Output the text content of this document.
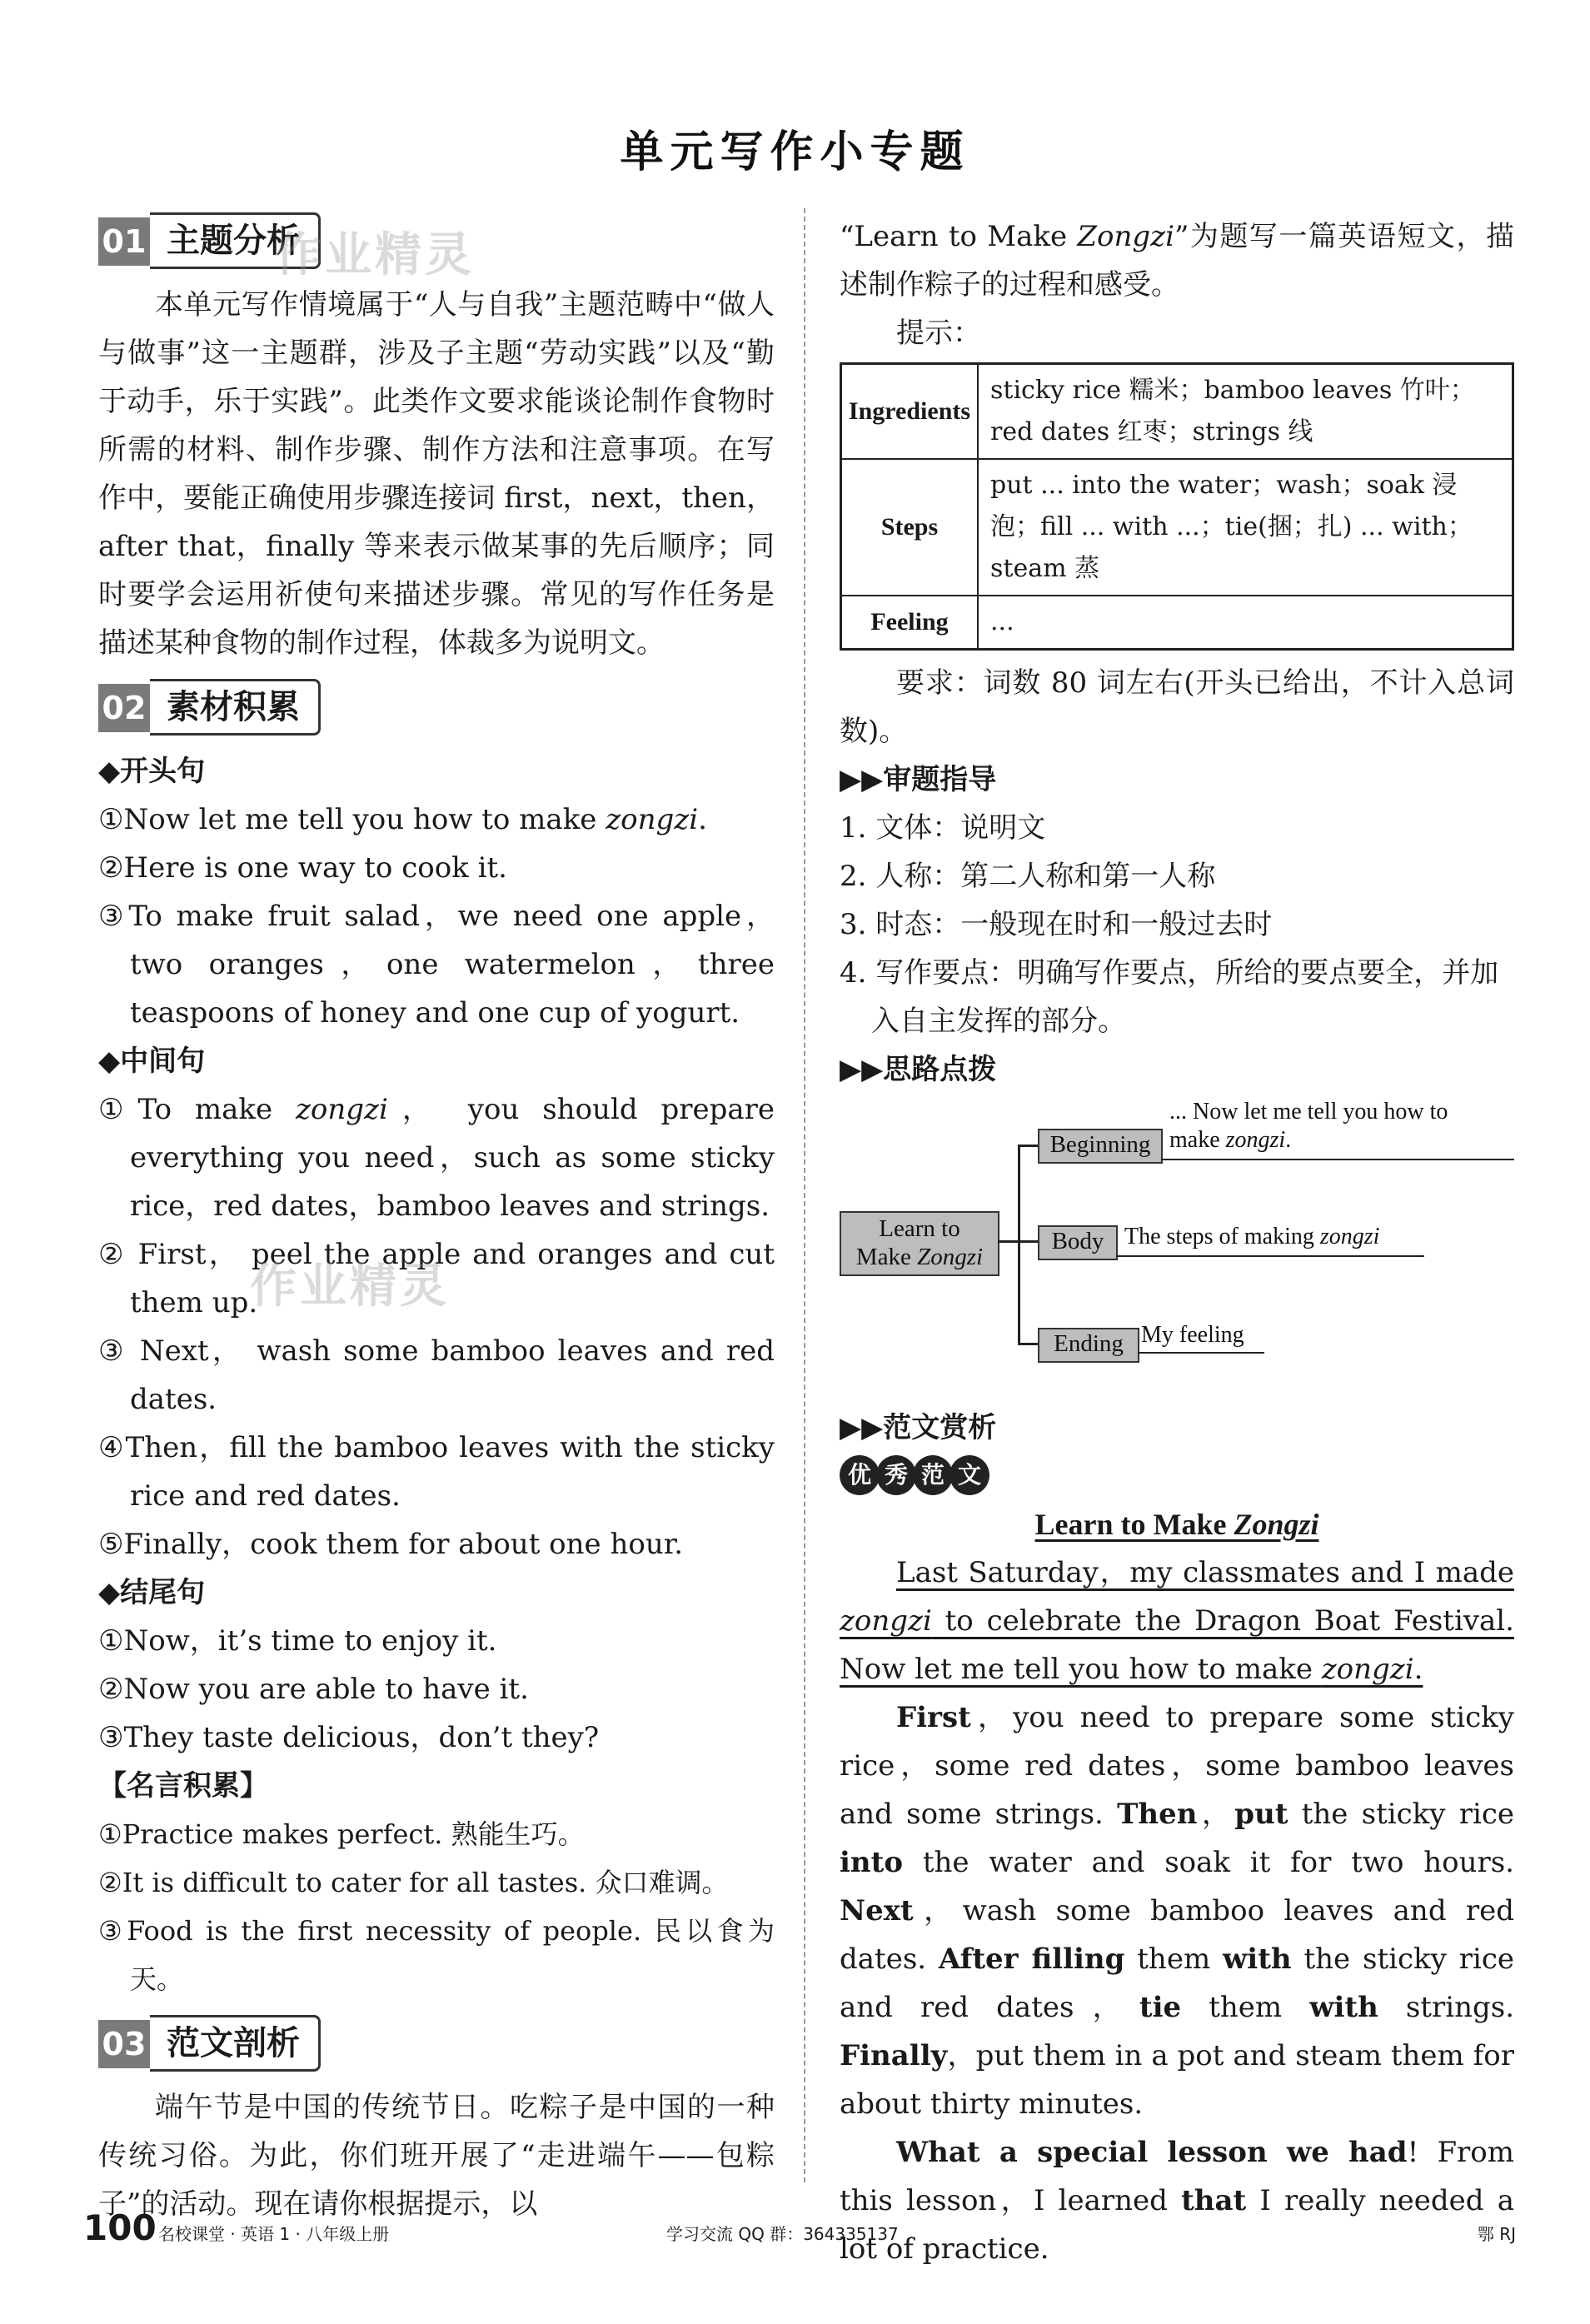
单元写作小专题
01 主题分析

本单元写作情境属于“人与自我”主题范畴中“做人与做事”这一主题群，涉及子主题“劳动实践”以及“勤于动手，乐于实践”。此类作文要求能谈论制作食物时所需的材料、制作步骤、制作方法和注意事项。在写作中，要能正确使用步骤连接词 first，next，then，after that，finally 等来表示做某事的先后顺序；同时要学会运用祈使句来描述步骤。常见的写作任务是描述某种食物的制作过程，体裁多为说明文。

02 素材积累

◆开头句

①Now let me tell you how to make zongzi.

②Here is one way to cook it.

③To make fruit salad，we need one apple，two oranges，one watermelon，three teaspoons of honey and one cup of yogurt.

◆中间句

①To make zongzi， you should prepare everything you need，such as some sticky rice，red dates，bamboo leaves and strings.

② First， peel the apple and oranges and cut them up.

③ Next， wash some bamboo leaves and red dates.

④Then，fill the bamboo leaves with the sticky rice and red dates.

⑤Finally，cook them for about one hour.

◆结尾句

①Now，it’s time to enjoy it.

②Now you are able to have it.

③They taste delicious，don’t they?

【名言积累】

①Practice makes perfect. 熟能生巧。

②It is difficult to cater for all tastes. 众口难调。

③Food is the first necessity of people. 民以食为天。

03 范文剖析

端午节是中国的传统节日。吃粽子是中国的一种传统习俗。为此，你们班开展了“走进端午——包粽子”的活动。现在请你根据提示，以

“Learn to Make Zongzi”为题写一篇英语短文，描述制作粽子的过程和感受。

提示：

Ingredients	sticky rice 糯米；bamboo leaves 竹叶；red dates 红枣；strings 线
Steps	put ... into the water；wash；soak 浸泡；fill ... with ...；tie(捆；扎) ... with；steam 蒸
Feeling	...

要求：词数 80 词左右(开头已给出，不计入总词数)。

▶▶审题指导

1. 文体：说明文

2. 人称：第二人称和第一人称

3. 时态：一般现在时和一般过去时

4. 写作要点：明确写作要点，所给的要点要全，并加入自主发挥的部分。

▶▶思路点拨

Learn to
Make Zongzi
Beginning
... Now let me tell you how to
make zongzi.
Body The steps of making zongzi
Ending My feeling

▶▶范文赏析

优 秀 范 文

Learn to Make Zongzi

Last Saturday，my classmates and I made zongzi to celebrate the Dragon Boat Festival. Now let me tell you how to make zongzi.

First，you need to prepare some sticky rice，some red dates，some bamboo leaves and some strings. Then，put the sticky rice into the water and soak it for two hours. Next，wash some bamboo leaves and red dates. After filling them with the sticky rice and red dates，tie them with strings. Finally，put them in a pot and steam them for about thirty minutes.

What a special lesson we had! From this lesson，I learned that I really needed a lot of practice.

作业精灵
作业精灵
100 名校课堂 · 英语 1 · 八年级上册	学习交流 QQ 群：364335137	鄂 RJ
